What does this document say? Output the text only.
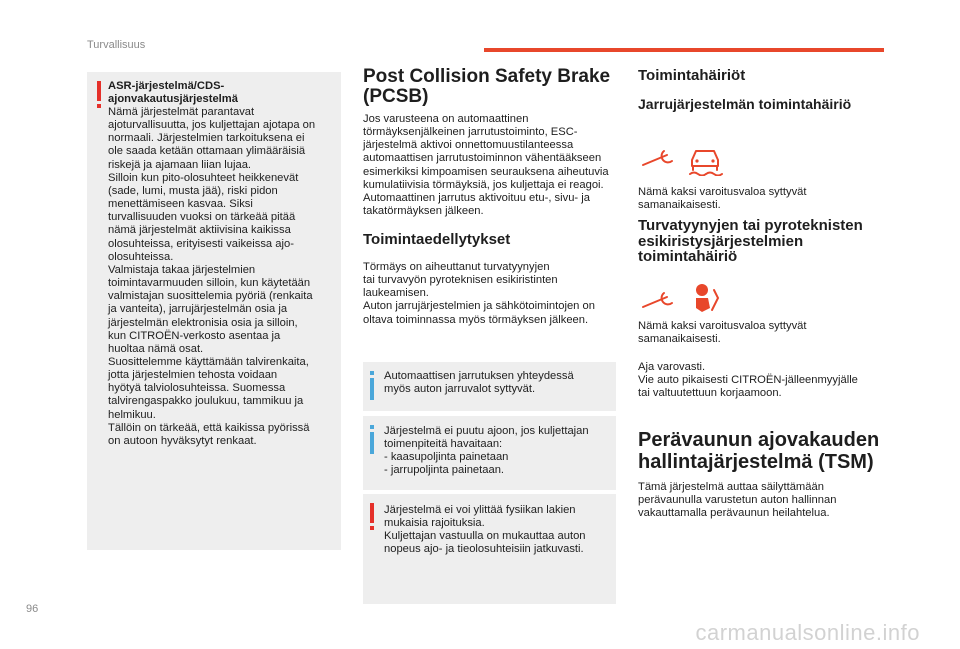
Turvallisuus
ASR-järjestelmä/CDS-
ajonvakautusjärjestelmä
Nämä järjestelmät parantavat
ajoturvallisuutta, jos kuljettajan ajotapa on
normaali. Järjestelmien tarkoituksena ei
ole saada ketään ottamaan ylimääräisiä
riskejä ja ajamaan liian lujaa.
Silloin kun pito-olosuhteet heikkenevät
(sade, lumi, musta jää), riski pidon
menettämiseen kasvaa. Siksi
turvallisuuden vuoksi on tärkeää pitää
nämä järjestelmät aktiivisina kaikissa
olosuhteissa, erityisesti vaikeissa ajo-
olosuhteissa.
Valmistaja takaa järjestelmien
toimintavarmuuden silloin, kun käytetään
valmistajan suosittelemia pyöriä (renkaita
ja vanteita), jarrujärjestelmän osia ja
järjestelmän elektronisia osia ja silloin,
kun CITROËN-verkosto asentaa ja
huoltaa nämä osat.
Suosittelemme käyttämään talvirenkaita,
jotta järjestelmien tehosta voidaan
hyötyä talviolosuhteissa. Suomessa
talvirengaspakko joulukuu, tammikuu ja
helmikuu.
Tällöin on tärkeää, että kaikissa pyörissä
on autoon hyväksytyt renkaat.
Post Collision Safety Brake
(PCSB)
Jos varusteena on automaattinen
törmäyksenjälkeinen jarrutustoiminto, ESC-
järjestelmä aktivoi onnettomuustilanteessa
automaattisen jarrutustoiminnon vähentääkseen
esimerkiksi kimpoamisen seurauksena aiheutuvia
kumulatiivisia törmäyksiä, jos kuljettaja ei reagoi.
Automaattinen jarrutus aktivoituu etu-, sivu- ja
takatörmäyksen jälkeen.
Toimintaedellytykset
Törmäys on aiheuttanut turvatyynyjen
tai turvavyön pyroteknisen esikiristinten
laukeamisen.
Auton jarrujärjestelmien ja sähkötoimintojen on
oltava toiminnassa myös törmäyksen jälkeen.
Automaattisen jarrutuksen yhteydessä
myös auton jarruvalot syttyvät.
Järjestelmä ei puutu ajoon, jos kuljettajan
toimenpiteitä havaitaan:
- kaasupoljinta painetaan
- jarrupoljinta painetaan.
Järjestelmä ei voi ylittää fysiikan lakien
mukaisia rajoituksia.
Kuljettajan vastuulla on mukauttaa auton
nopeus ajo- ja tieolosuhteisiin jatkuvasti.
Toimintahäiriöt
Jarrujärjestelmän toimintahäiriö
Nämä kaksi varoitusvaloa syttyvät
samanaikaisesti.
Turvatyynyjen tai pyroteknisten
esikiristysjärjestelmien
toimintahäiriö
Nämä kaksi varoitusvaloa syttyvät
samanaikaisesti.
Aja varovasti.
Vie auto pikaisesti CITROËN-jälleenmyyjälle
tai valtuutettuun korjaamoon.
Perävaunun ajovakauden
hallintajärjestelmä (TSM)
Tämä järjestelmä auttaa säilyttämään
perävaunulla varustetun auton hallinnan
vakauttamalla perävaunun heilahtelua.
96
carmanualsonline.info
